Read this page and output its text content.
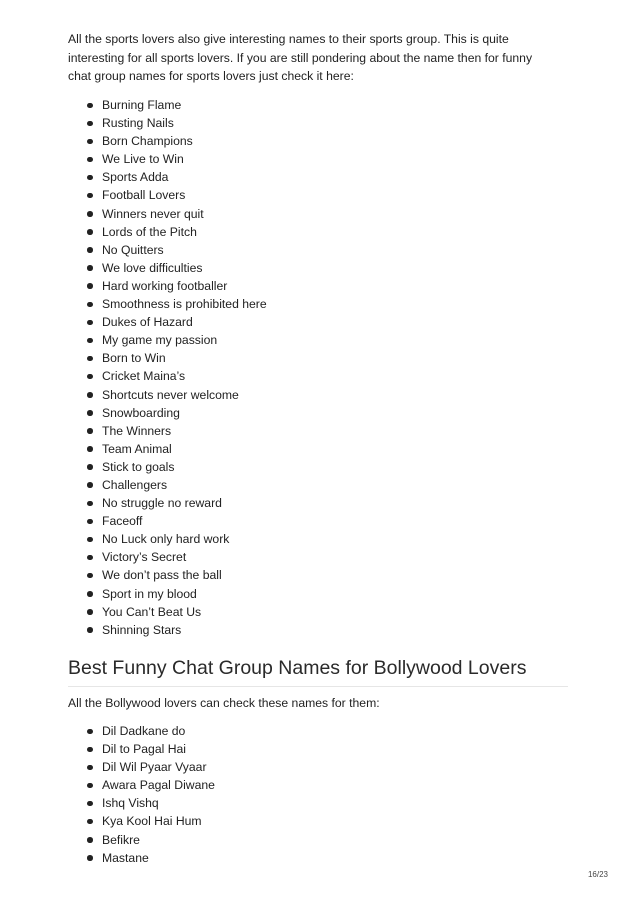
All the sports lovers also give interesting names to their sports group. This is quite interesting for all sports lovers. If you are still pondering about the name then for funny chat group names for sports lovers just check it here:

Burning Flame
Rusting Nails
Born Champions
We Live to Win
Sports Adda
Football Lovers
Winners never quit
Lords of the Pitch
No Quitters
We love difficulties
Hard working footballer
Smoothness is prohibited here
Dukes of Hazard
My game my passion
Born to Win
Cricket Maina’s
Shortcuts never welcome
Snowboarding
The Winners
Team Animal
Stick to goals
Challengers
No struggle no reward
Faceoff
No Luck only hard work
Victory’s Secret
We don’t pass the ball
Sport in my blood
You Can’t Beat Us
Shinning Stars
Best Funny Chat Group Names for Bollywood Lovers

All the Bollywood lovers can check these names for them:

Dil Dadkane do
Dil to Pagal Hai
Dil Wil Pyaar Vyaar
Awara Pagal Diwane
Ishq Vishq
Kya Kool Hai Hum
Befikre
Mastane
16/23
